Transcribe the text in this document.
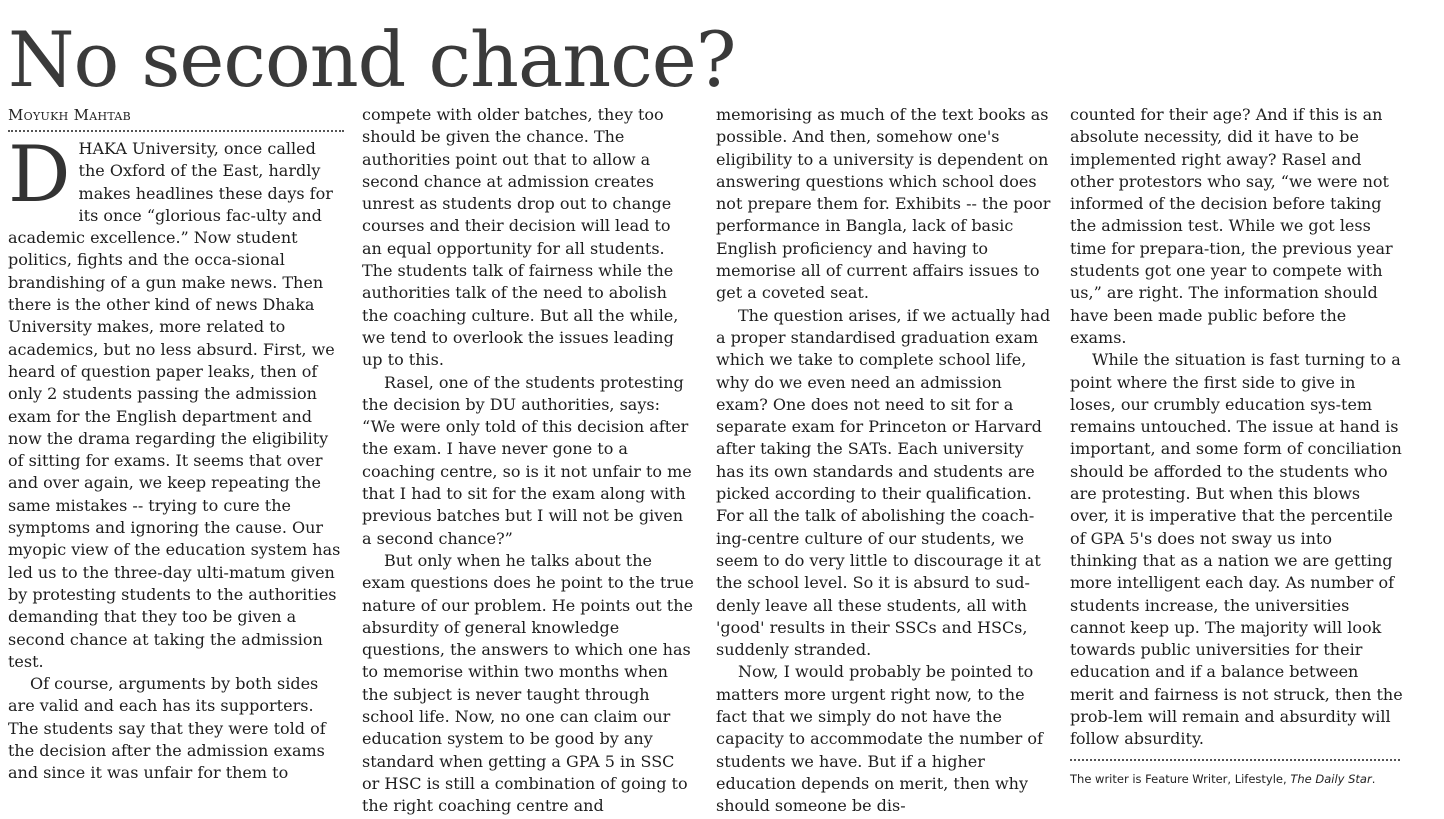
No second chance?
Moyukh Mahtab

DHAKA University, once called the Oxford of the East, hardly makes headlines these days for its once “glorious fac-ulty and academic excellence.” Now student politics, fights and the occa-sional brandishing of a gun make news. Then there is the other kind of news Dhaka University makes, more related to academics, but no less absurd. First, we heard of question paper leaks, then of only 2 students passing the admission exam for the English department and now the drama regarding the eligibility of sitting for exams. It seems that over and over again, we keep repeating the same mistakes -- trying to cure the symptoms and ignoring the cause. Our myopic view of the education system has led us to the three-day ulti-matum given by protesting students to the authorities demanding that they too be given a second chance at taking the admission test.

Of course, arguments by both sides are valid and each has its supporters. The students say that they were told of the decision after the admission exams and since it was unfair for them to

compete with older batches, they too should be given the chance. The authorities point out that to allow a second chance at admission creates unrest as students drop out to change courses and their decision will lead to an equal opportunity for all students. The students talk of fairness while the authorities talk of the need to abolish the coaching culture. But all the while, we tend to overlook the issues leading up to this.

Rasel, one of the students protesting the decision by DU authorities, says: “We were only told of this decision after the exam. I have never gone to a coaching centre, so is it not unfair to me that I had to sit for the exam along with previous batches but I will not be given a second chance?”

But only when he talks about the exam questions does he point to the true nature of our problem. He points out the absurdity of general knowledge questions, the answers to which one has to memorise within two months when the subject is never taught through school life. Now, no one can claim our education system to be good by any standard when getting a GPA 5 in SSC or HSC is still a combination of going to the right coaching centre and

memorising as much of the text books as possible. And then, somehow one's eligibility to a university is dependent on answering questions which school does not prepare them for. Exhibits -- the poor performance in Bangla, lack of basic English proficiency and having to memorise all of current affairs issues to get a coveted seat.

The question arises, if we actually had a proper standardised graduation exam which we take to complete school life, why do we even need an admission exam? One does not need to sit for a separate exam for Princeton or Harvard after taking the SATs. Each university has its own standards and students are picked according to their qualification. For all the talk of abolishing the coach-ing-centre culture of our students, we seem to do very little to discourage it at the school level. So it is absurd to sud-denly leave all these students, all with 'good' results in their SSCs and HSCs, suddenly stranded.

Now, I would probably be pointed to matters more urgent right now, to the fact that we simply do not have the capacity to accommodate the number of students we have. But if a higher education depends on merit, then why should someone be dis-

counted for their age? And if this is an absolute necessity, did it have to be implemented right away? Rasel and other protestors who say, “we were not informed of the decision before taking the admission test. While we got less time for prepara-tion, the previous year students got one year to compete with us,” are right. The information should have been made public before the exams.

While the situation is fast turning to a point where the first side to give in loses, our crumbly education sys-tem remains untouched. The issue at hand is important, and some form of conciliation should be afforded to the students who are protesting. But when this blows over, it is imperative that the percentile of GPA 5's does not sway us into thinking that as a nation we are getting more intelligent each day. As number of students increase, the universities cannot keep up. The majority will look towards public universities for their education and if a balance between merit and fairness is not struck, then the prob-lem will remain and absurdity will follow absurdity.

The writer is Feature Writer, Lifestyle, The Daily Star.
